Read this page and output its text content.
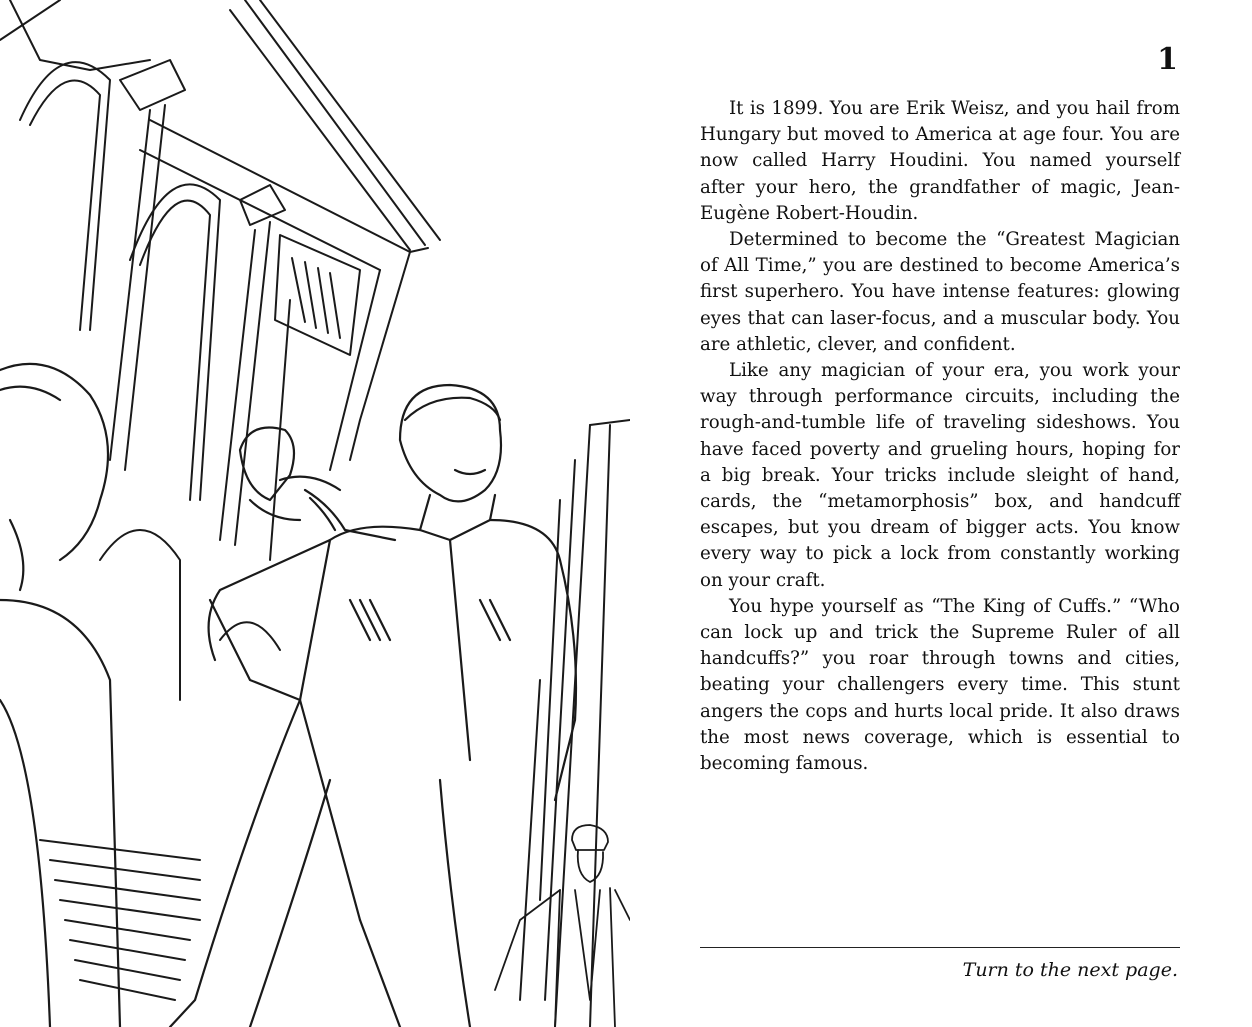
1

It is 1899. You are Erik Weisz, and you hail from Hungary but moved to America at age four. You are now called Harry Houdini. You named yourself after your hero, the grandfather of magic, Jean-Eugène Robert-Houdin.

Determined to become the “Greatest Magician of All Time,” you are destined to become America’s first superhero. You have intense features: glowing eyes that can laser-focus, and a muscular body. You are athletic, clever, and confident.

Like any magician of your era, you work your way through performance circuits, including the rough-and-tumble life of traveling sideshows. You have faced poverty and grueling hours, hoping for a big break. Your tricks include sleight of hand, cards, the “metamorphosis” box, and handcuff escapes, but you dream of bigger acts. You know every way to pick a lock from constantly working on your craft.

You hype yourself as “The King of Cuffs.” “Who can lock up and trick the Supreme Ruler of all handcuffs?” you roar through towns and cities, beating your challengers every time. This stunt angers the cops and hurts local pride. It also draws the most news coverage, which is essential to becoming famous.

Turn to the next page.
